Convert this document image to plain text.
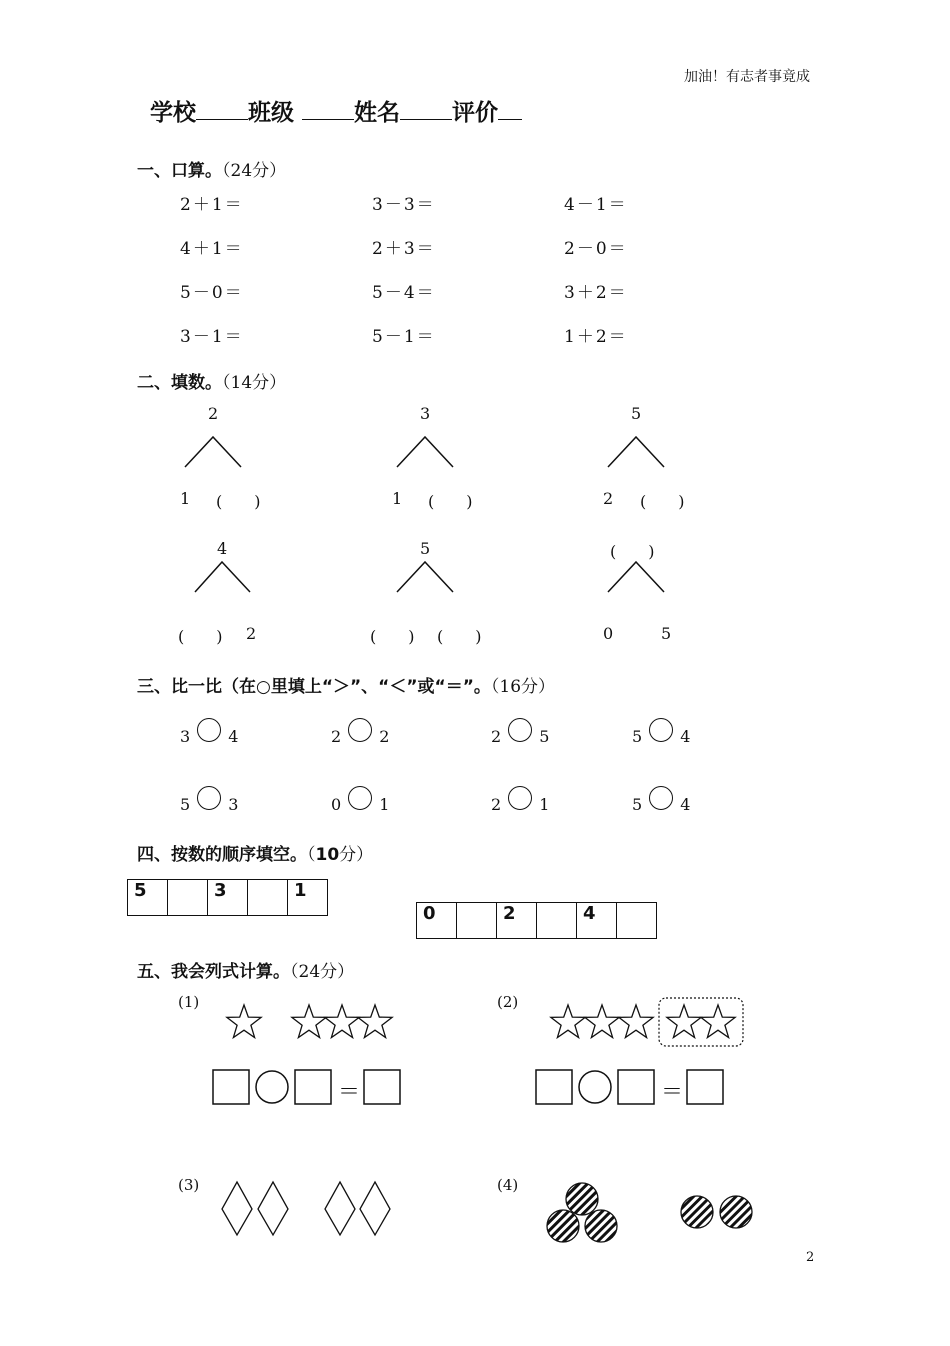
加油！有志者事竟成
学校 班级	姓名 评价
一、口算。（24分）
2＋1＝	3－3＝	4－1＝
4＋1＝	2＋3＝	2－0＝
5－0＝	5－4＝	3＋2＝
3－1＝	5－1＝	1＋2＝
二、填数。（14分）
2
1 (　　)
3
1 (　　)
5
2 (　　)
4
(　　) 2
5
(　　) (　　)
(　　)
0	5
三、比一比（在○里填上“＞”、“＜”或“＝”。（16分）
3 4	2 2	2 5	5 4
5 3	0 1	2 1	5 4
四、按数的顺序填空。（10分）
5		3		1
0		2		4	
五、我会列式计算。（24分）
(1)	(2)
(3)	(4)
＝	＝
2
